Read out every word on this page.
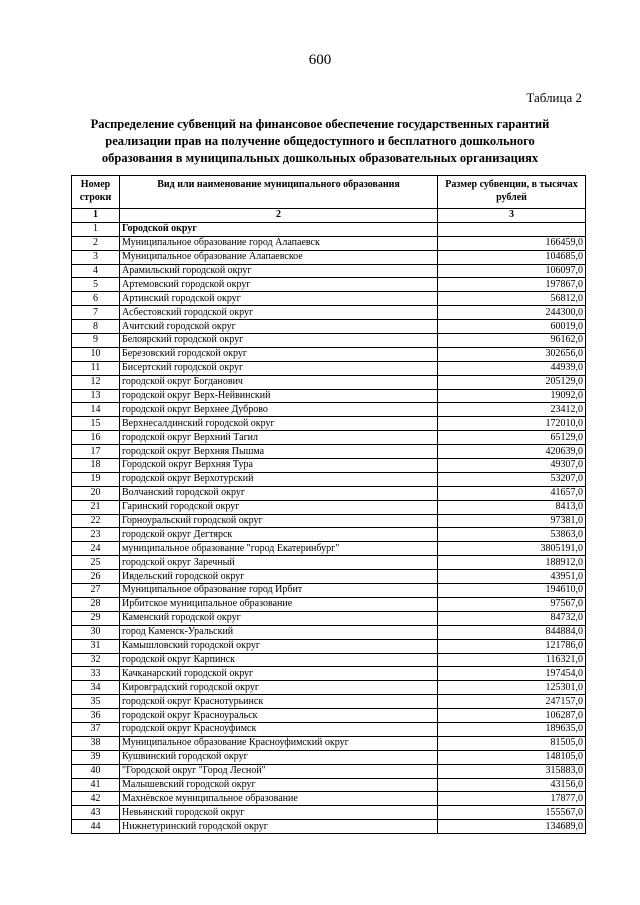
600
Таблица 2
Распределение субвенций на финансовое обеспечение государственных гарантий
реализации прав на получение общедоступного и бесплатного дошкольного
образования в муниципальных дошкольных образовательных организациях
Номер строки	Вид или наименование муниципального образования	Размер субвенции, в тысячах рублей
1	2	3
1	Городской округ	
2	Муниципальное образование город Алапаевск	166459,0
3	Муниципальное образование Алапаевское	104685,0
4	Арамильский городской округ	106097,0
5	Артемовский городской округ	197867,0
6	Артинский городской округ	56812,0
7	Асбестовский городской округ	244300,0
8	Ачитский городской округ	60019,0
9	Белоярский городской округ	96162,0
10	Березовский городской округ	302656,0
11	Бисертский городской округ	44939,0
12	городской округ Богданович	205129,0
13	городской округ Верх-Нейвинский	19092,0
14	городской округ Верхнее Дуброво	23412,0
15	Верхнесалдинский городской округ	172010,0
16	городской округ Верхний Тагил	65129,0
17	городской округ Верхняя Пышма	420639,0
18	Городской округ Верхняя Тура	49307,0
19	городской округ Верхотурский	53207,0
20	Волчанский городской округ	41657,0
21	Гаринский городской округ	8413,0
22	Горноуральский городской округ	97381,0
23	городской округ Дегтярск	53863,0
24	муниципальное образование "город Екатеринбург"	3805191,0
25	городской округ Заречный	188912,0
26	Ивдельский городской округ	43951,0
27	Муниципальное образование город Ирбит	194610,0
28	Ирбитское муниципальное образование	97567,0
29	Каменский городской округ	84732,0
30	город Каменск-Уральский	844884,0
31	Камышловский городской округ	121786,0
32	городской округ Карпинск	116321,0
33	Качканарский городской округ	197454,0
34	Кировградский городской округ	125301,0
35	городской округ Краснотурьинск	247157,0
36	городской округ Красноуральск	106287,0
37	городской округ Красноуфимск	189635,0
38	Муниципальное образование Красноуфимский округ	81505,0
39	Кушвинский городской округ	148105,0
40	"Городской округ "Город Лесной"	315883,0
41	Малышевский городской округ	43156,0
42	Махнёвское муниципальное образование	17877,0
43	Невьянский городской округ	155567,0
44	Нижнетуринский городской округ	134689,0
